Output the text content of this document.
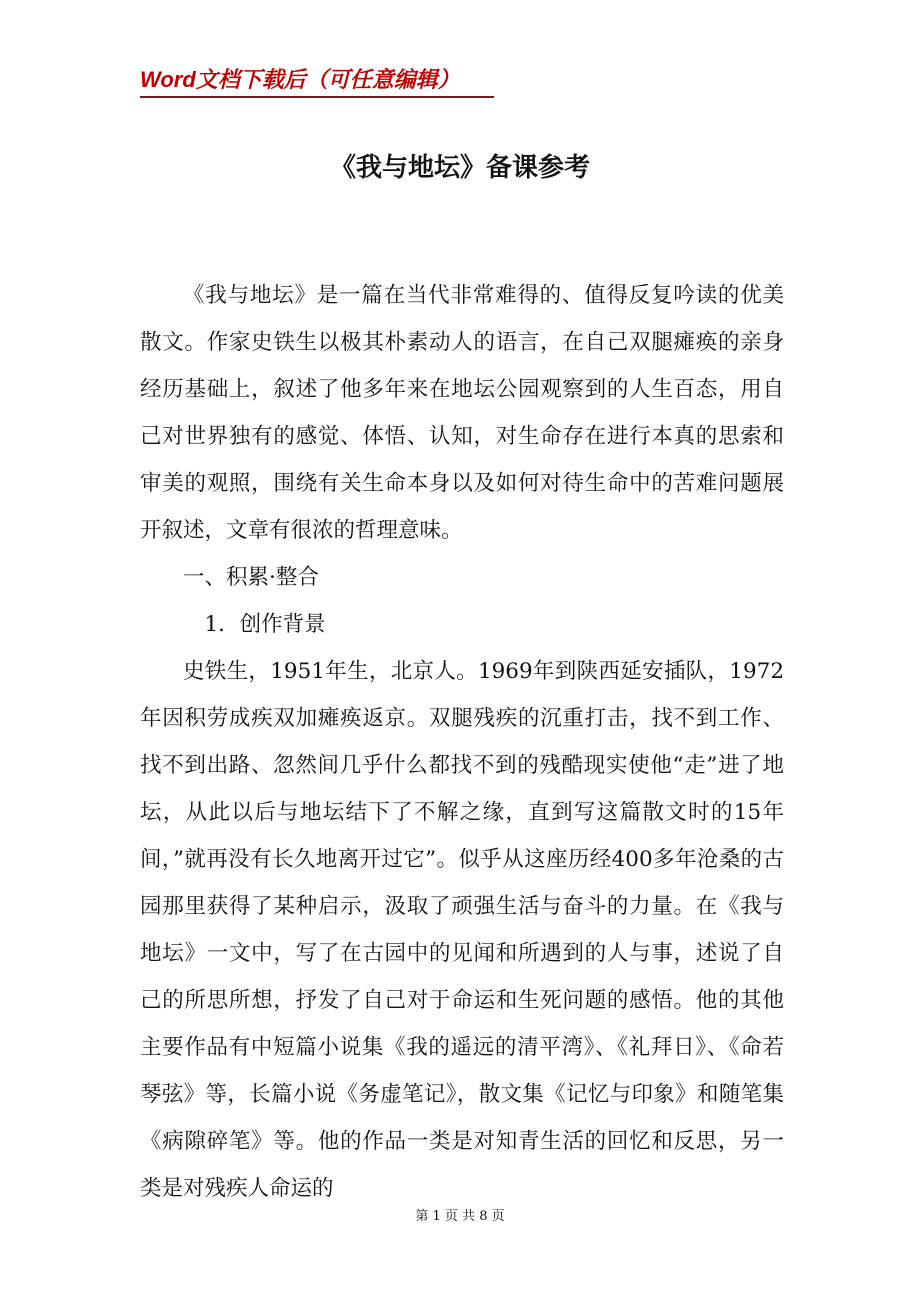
Word文档下载后（可任意编辑）
《我与地坛》备课参考

《我与地坛》是一篇在当代非常难得的、值得反复吟读的优美散文。作家史铁生以极其朴素动人的语言，在自己双腿瘫痪的亲身经历基础上，叙述了他多年来在地坛公园观察到的人生百态，用自己对世界独有的感觉、体悟、认知，对生命存在进行本真的思索和审美的观照，围绕有关生命本身以及如何对待生命中的苦难问题展开叙述，文章有很浓的哲理意味。

一、积累·整合

1．创作背景

史铁生，1951年生，北京人。1969年到陕西延安插队，1972年因积劳成疾双加瘫痪返京。双腿残疾的沉重打击，找不到工作、找不到出路、忽然间几乎什么都找不到的残酷现实使他“走”进了地坛，从此以后与地坛结下了不解之缘，直到写这篇散文时的15年间，”就再没有长久地离开过它”。似乎从这座历经400多年沧桑的古园那里获得了某种启示，汲取了顽强生活与奋斗的力量。在《我与地坛》一文中，写了在古园中的见闻和所遇到的人与事，述说了自己的所思所想，抒发了自己对于命运和生死问题的感悟。他的其他主要作品有中短篇小说集《我的遥远的清平湾》、《礼拜日》、《命若琴弦》等，长篇小说《务虚笔记》，散文集《记忆与印象》和随笔集《病隙碎笔》等。他的作品一类是对知青生活的回忆和反思，另一类是对残疾人命运的

第 1 页 共 8 页
